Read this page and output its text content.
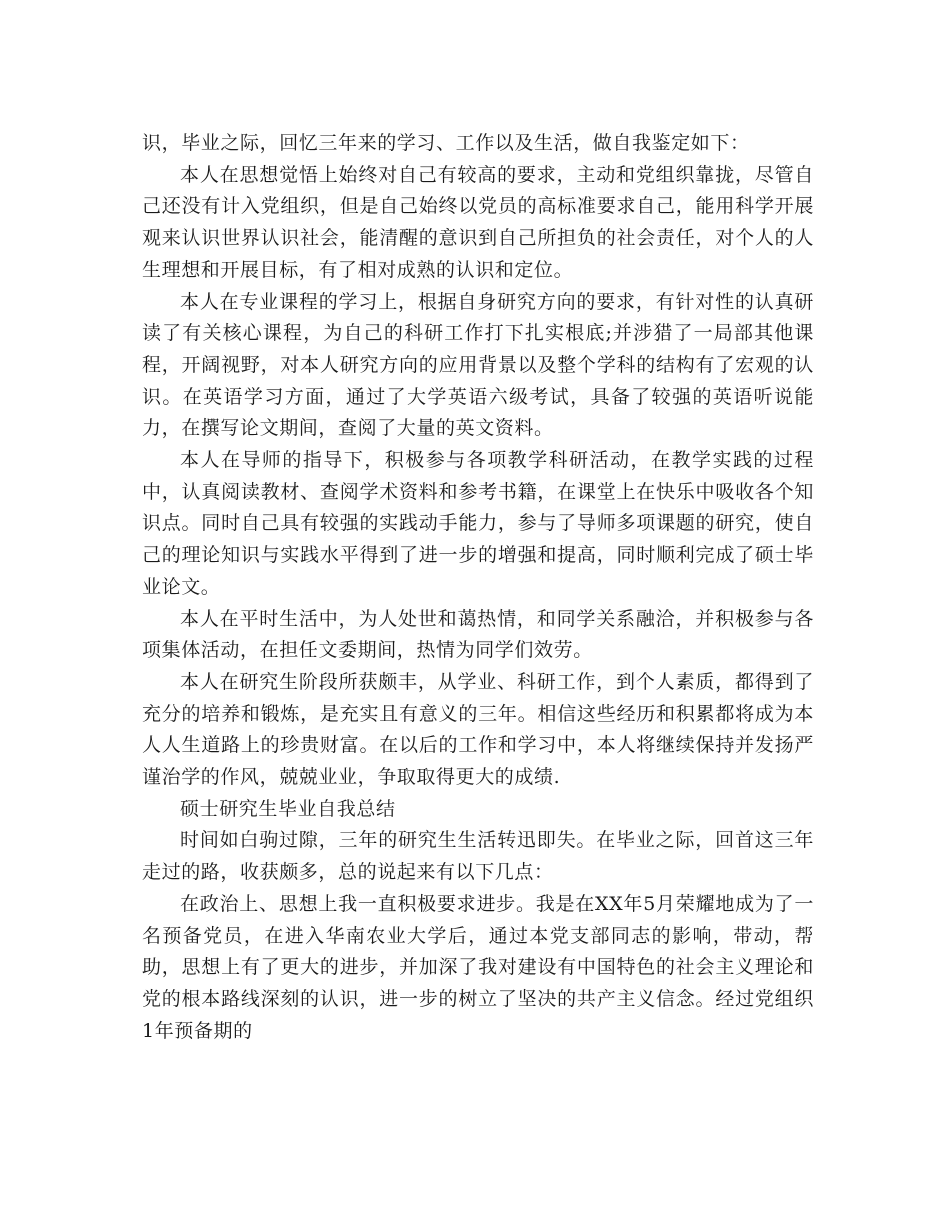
识，毕业之际，回忆三年来的学习、工作以及生活，做自我鉴定如下：

本人在思想觉悟上始终对自己有较高的要求，主动和党组织靠拢，尽管自己还没有计入党组织，但是自己始终以党员的高标准要求自己，能用科学开展观来认识世界认识社会，能清醒的意识到自己所担负的社会责任，对个人的人生理想和开展目标，有了相对成熟的认识和定位。

本人在专业课程的学习上，根据自身研究方向的要求，有针对性的认真研读了有关核心课程，为自己的科研工作打下扎实根底;并涉猎了一局部其他课程，开阔视野，对本人研究方向的应用背景以及整个学科的结构有了宏观的认识。在英语学习方面，通过了大学英语六级考试，具备了较强的英语听说能力，在撰写论文期间，查阅了大量的英文资料。

本人在导师的指导下，积极参与各项教学科研活动，在教学实践的过程中，认真阅读教材、查阅学术资料和参考书籍，在课堂上在快乐中吸收各个知识点。同时自己具有较强的实践动手能力，参与了导师多项课题的研究，使自己的理论知识与实践水平得到了进一步的增强和提高，同时顺利完成了硕士毕业论文。

本人在平时生活中，为人处世和蔼热情，和同学关系融洽，并积极参与各项集体活动，在担任文委期间，热情为同学们效劳。

本人在研究生阶段所获颇丰，从学业、科研工作，到个人素质，都得到了充分的培养和锻炼，是充实且有意义的三年。相信这些经历和积累都将成为本人人生道路上的珍贵财富。在以后的工作和学习中，本人将继续保持并发扬严谨治学的作风，兢兢业业，争取取得更大的成绩.

硕士研究生毕业自我总结

时间如白驹过隙，三年的研究生生活转迅即失。在毕业之际，回首这三年走过的路，收获颇多，总的说起来有以下几点：

在政治上、思想上我一直积极要求进步。我是在XX年5月荣耀地成为了一名预备党员，在进入华南农业大学后，通过本党支部同志的影响，带动，帮助，思想上有了更大的进步，并加深了我对建设有中国特色的社会主义理论和党的根本路线深刻的认识，进一步的树立了坚决的共产主义信念。经过党组织1年预备期的
